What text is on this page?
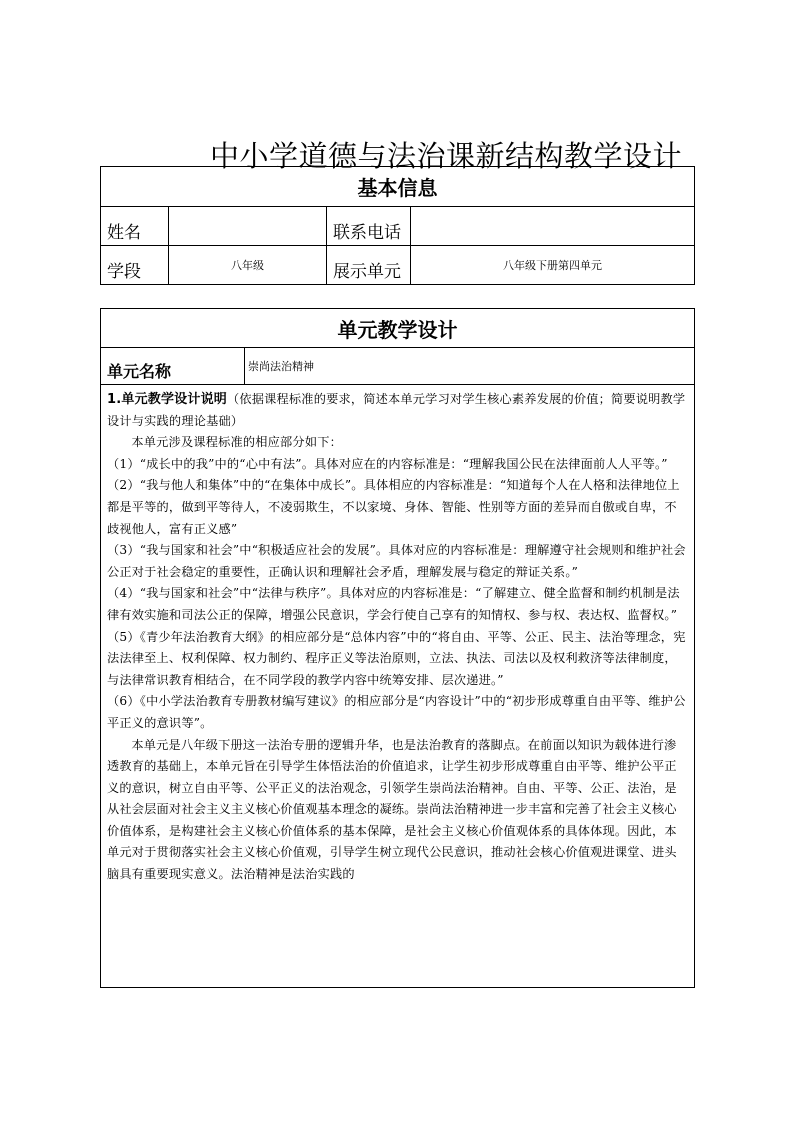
中小学道德与法治课新结构教学设计
基本信息			
姓名		联系电话	
学段	八年级	展示单元	八年级下册第四单元
单元教学设计
单元名称	崇尚法治精神

1.单元教学设计说明（依据课程标准的要求，简述本单元学习对学生核心素养发展的价值；简要说明教学设计与实践的理论基础）

本单元涉及课程标准的相应部分如下：

（1）“成长中的我”中的“心中有法”。具体对应在的内容标准是：“理解我国公民在法律面前人人平等。”

（2）“我与他人和集体”中的“在集体中成长”。具体相应的内容标准是：“知道每个人在人格和法律地位上都是平等的，做到平等待人，不凌弱欺生，不以家境、身体、智能、性别等方面的差异而自傲或自卑，不歧视他人，富有正义感”

（3）“我与国家和社会”中“积极适应社会的发展”。具体对应的内容标准是：理解遵守社会规则和维护社会公正对于社会稳定的重要性，正确认识和理解社会矛盾，理解发展与稳定的辩证关系。”

（4）“我与国家和社会”中“法律与秩序”。具体对应的内容标准是：“了解建立、健全监督和制约机制是法律有效实施和司法公正的保障，增强公民意识，学会行使自己享有的知情权、参与权、表达权、监督权。”

（5）《青少年法治教育大纲》的相应部分是“总体内容”中的“将自由、平等、公正、民主、法治等理念，宪法法律至上、权利保障、权力制约、程序正义等法治原则，立法、执法、司法以及权利救济等法律制度，与法律常识教育相结合，在不同学段的教学内容中统筹安排、层次递进。”

（6）《中小学法治教育专册教材编写建议》的相应部分是“内容设计”中的“初步形成尊重自由平等、维护公平正义的意识等”。

本单元是八年级下册这一法治专册的逻辑升华，也是法治教育的落脚点。在前面以知识为载体进行渗透教育的基础上，本单元旨在引导学生体悟法治的价值追求，让学生初步形成尊重自由平等、维护公平正义的意识，树立自由平等、公平正义的法治观念，引领学生崇尚法治精神。自由、平等、公正、法治，是从社会层面对社会主义主义核心价值观基本理念的凝练。崇尚法治精神进一步丰富和完善了社会主义核心价值体系，是构建社会主义核心价值体系的基本保障，是社会主义核心价值观体系的具体体现。因此，本单元对于贯彻落实社会主义核心价值观，引导学生树立现代公民意识，推动社会核心价值观进课堂、进头脑具有重要现实意义。法治精神是法治实践的
